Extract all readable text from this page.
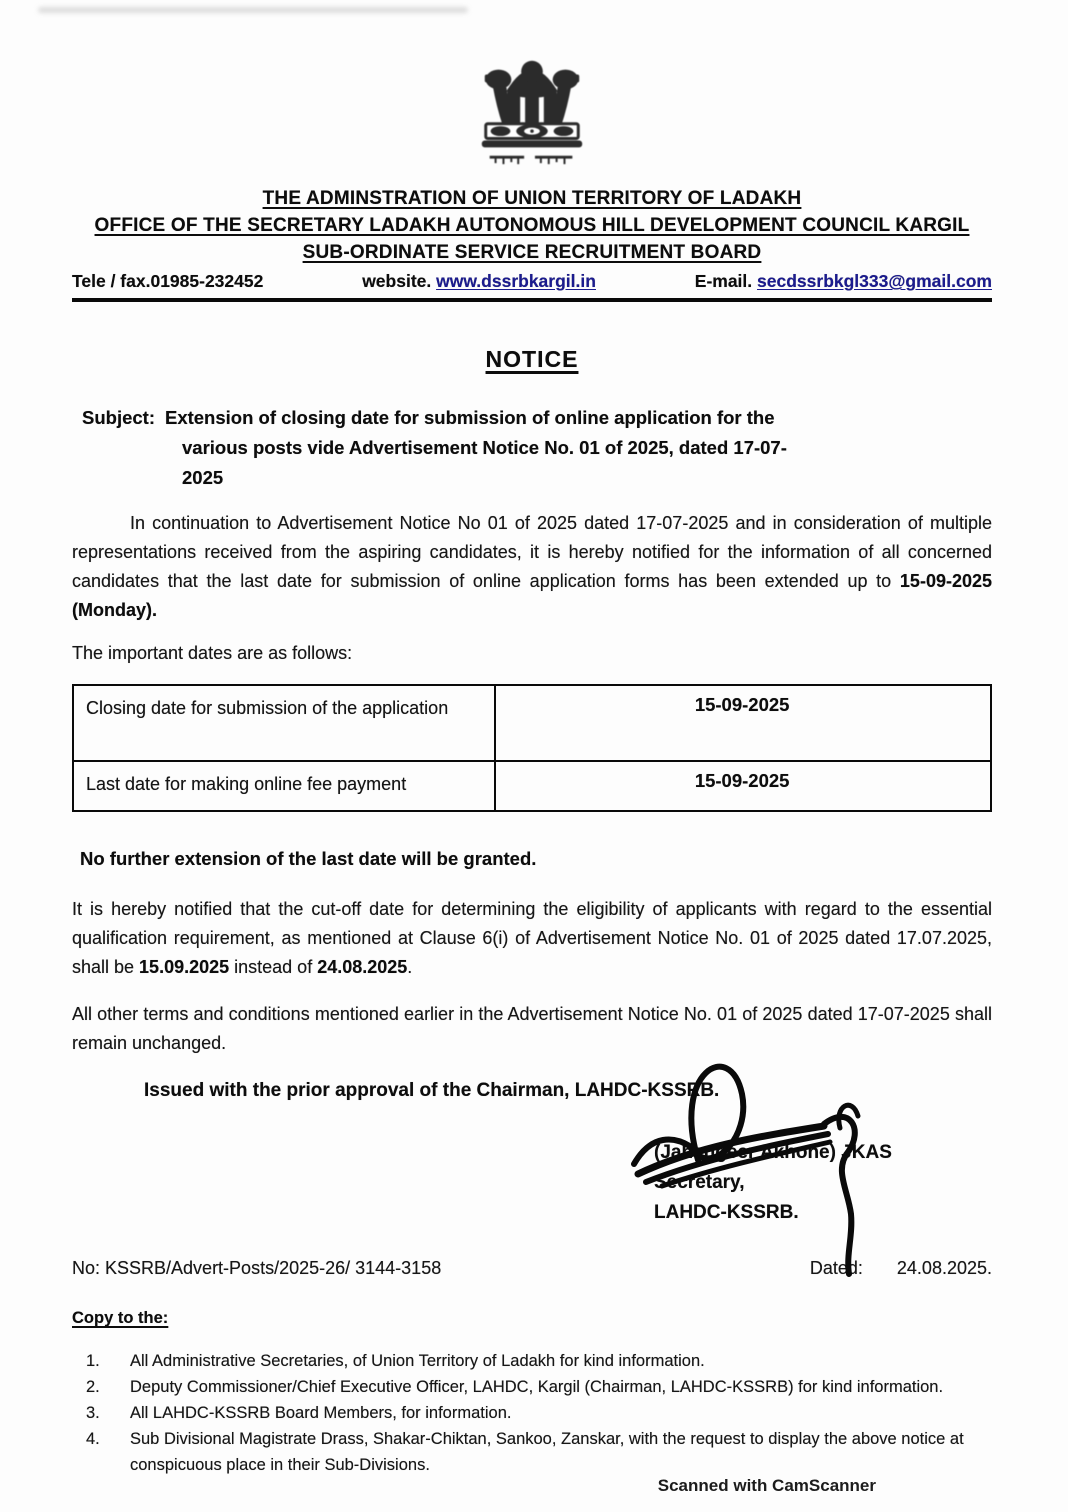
THE ADMINSTRATION OF UNION TERRITORY OF LADAKH
OFFICE OF THE SECRETARY LADAKH AUTONOMOUS HILL DEVELOPMENT COUNCIL KARGIL
SUB-ORDINATE SERVICE RECRUITMENT BOARD
Tele / fax.01985-232452	website. www.dssrbkargil.in	E-mail. secdssrbkgl333@gmail.com
NOTICE

Subject: Extension of closing date for submission of online application for the various posts vide Advertisement Notice No. 01 of 2025, dated 17-07-2025

In continuation to Advertisement Notice No 01 of 2025 dated 17-07-2025 and in consideration of multiple representations received from the aspiring candidates, it is hereby notified for the information of all concerned candidates that the last date for submission of online application forms has been extended up to 15-09-2025 (Monday).

The important dates are as follows:

Closing date for submission of the application	15-09-2025
Last date for making online fee payment	15-09-2025

No further extension of the last date will be granted.

It is hereby notified that the cut-off date for determining the eligibility of applicants with regard to the essential qualification requirement, as mentioned at Clause 6(i) of Advertisement Notice No. 01 of 2025 dated 17.07.2025, shall be 15.09.2025 instead of 24.08.2025.

All other terms and conditions mentioned earlier in the Advertisement Notice No. 01 of 2025 dated 17-07-2025 shall remain unchanged.

Issued with the prior approval of the Chairman, LAHDC-KSSRB.

(Jahangeer Akhone) JKAS
Secretary,
LAHDC-KSSRB.
No: KSSRB/Advert-Posts/2025-26/ 3144-3158	Dated: 24.08.2025.
Copy to the:
1.	All Administrative Secretaries, of Union Territory of Ladakh for kind information.
2.	Deputy Commissioner/Chief Executive Officer, LAHDC, Kargil (Chairman, LAHDC-KSSRB) for kind information.
3.	All LAHDC-KSSRB Board Members, for information.
4.	Sub Divisional Magistrate Drass, Shakar-Chiktan, Sankoo, Zanskar, with the request to display the above notice at conspicuous place in their Sub-Divisions.
Scanned with CamScanner
